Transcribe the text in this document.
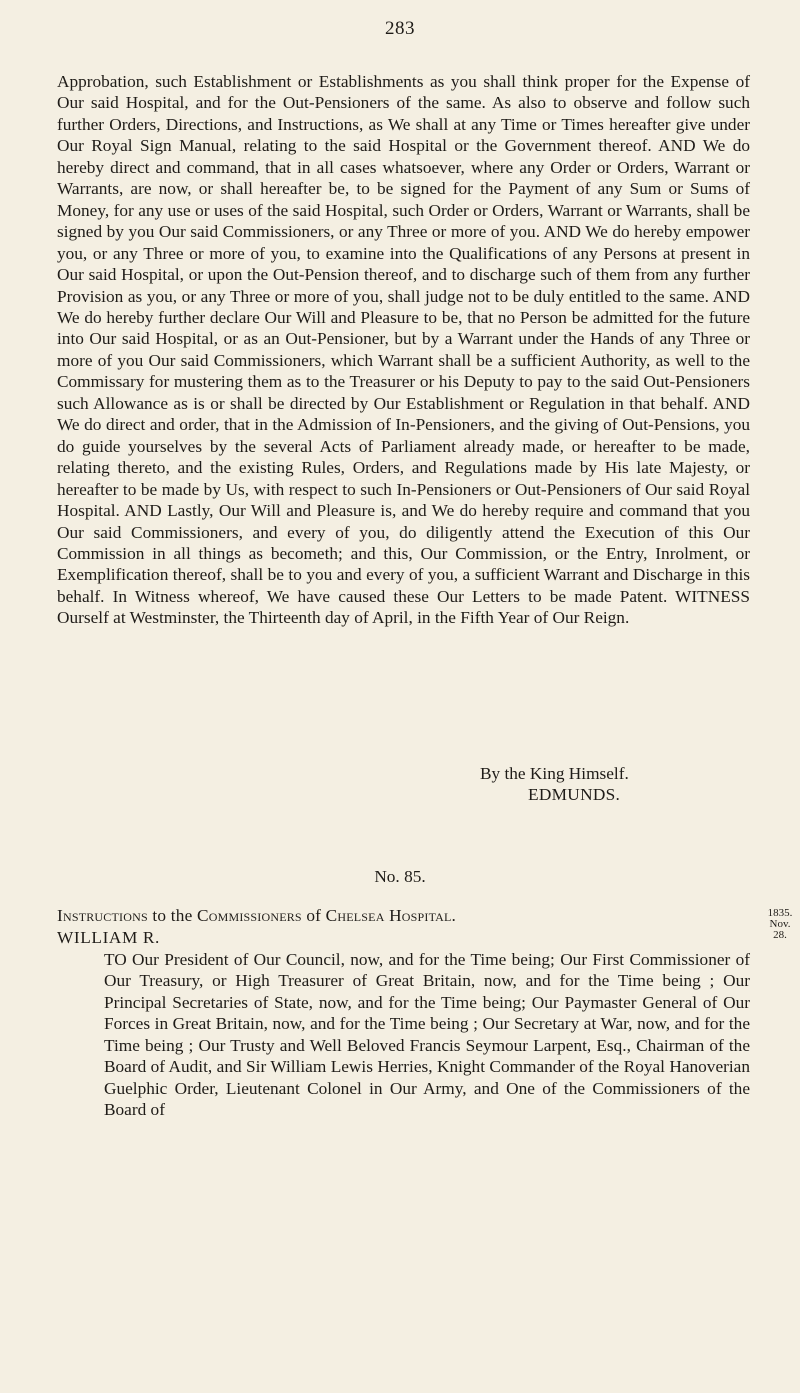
283

Approbation, such Establishment or Establishments as you shall think proper for the Expense of Our said Hospital, and for the Out-Pensioners of the same. As also to observe and follow such further Orders, Directions, and Instructions, as We shall at any Time or Times hereafter give under Our Royal Sign Manual, relating to the said Hospital or the Government thereof. AND We do hereby direct and command, that in all cases whatsoever, where any Order or Orders, Warrant or Warrants, are now, or shall hereafter be, to be signed for the Payment of any Sum or Sums of Money, for any use or uses of the said Hospital, such Order or Orders, Warrant or Warrants, shall be signed by you Our said Commissioners, or any Three or more of you. AND We do hereby empower you, or any Three or more of you, to examine into the Qualifications of any Persons at present in Our said Hospital, or upon the Out-Pension thereof, and to discharge such of them from any further Provision as you, or any Three or more of you, shall judge not to be duly entitled to the same. AND We do hereby further declare Our Will and Pleasure to be, that no Person be admitted for the future into Our said Hospital, or as an Out-Pensioner, but by a Warrant under the Hands of any Three or more of you Our said Commissioners, which Warrant shall be a sufficient Authority, as well to the Commissary for mustering them as to the Treasurer or his Deputy to pay to the said Out-Pensioners such Allowance as is or shall be directed by Our Establishment or Regulation in that behalf. AND We do direct and order, that in the Admission of In-Pensioners, and the giving of Out-Pensions, you do guide yourselves by the several Acts of Parliament already made, or hereafter to be made, relating thereto, and the existing Rules, Orders, and Regulations made by His late Majesty, or hereafter to be made by Us, with respect to such In-Pensioners or Out-Pensioners of Our said Royal Hospital. AND Lastly, Our Will and Pleasure is, and We do hereby require and command that you Our said Commissioners, and every of you, do diligently attend the Execution of this Our Commission in all things as becometh; and this, Our Commission, or the Entry, Inrolment, or Exemplification thereof, shall be to you and every of you, a sufficient Warrant and Discharge in this behalf. In Witness whereof, We have caused these Our Letters to be made Patent. WITNESS Ourself at Westminster, the Thirteenth day of April, in the Fifth Year of Our Reign.

By the King Himself.
EDMUNDS.
No. 85.
Instructions to the Commissioners of Chelsea Hospital.	1835.
Nov. 28.
WILLIAM R.

TO Our President of Our Council, now, and for the Time being; Our First Commissioner of Our Treasury, or High Treasurer of Great Britain, now, and for the Time being ; Our Principal Secretaries of State, now, and for the Time being; Our Paymaster General of Our Forces in Great Britain, now, and for the Time being ; Our Secretary at War, now, and for the Time being ; Our Trusty and Well Beloved Francis Seymour Larpent, Esq., Chairman of the Board of Audit, and Sir William Lewis Herries, Knight Commander of the Royal Hanoverian Guelphic Order, Lieutenant Colonel in Our Army, and One of the Commissioners of the Board of
